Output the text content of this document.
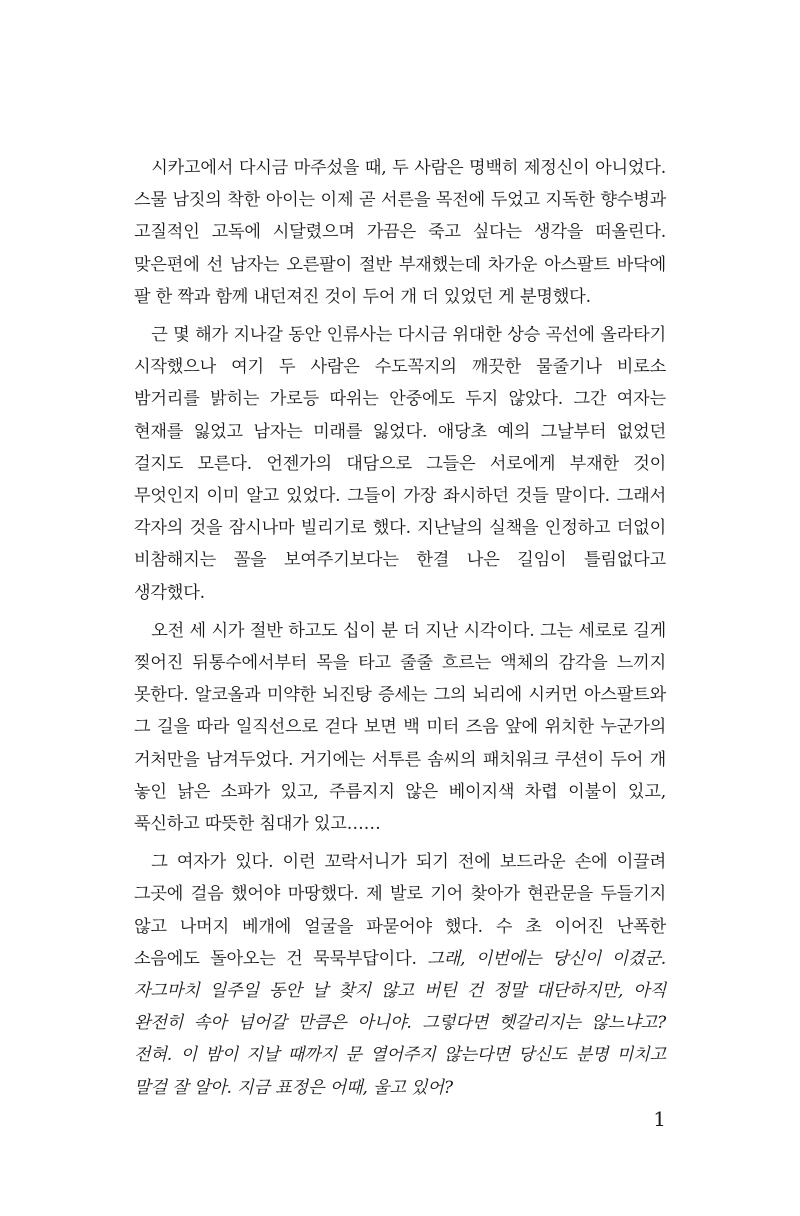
시카고에서 다시금 마주섰을 때, 두 사람은 명백히 제정신이 아니었다. 스물 남짓의 착한 아이는 이제 곧 서른을 목전에 두었고 지독한 향수병과 고질적인 고독에 시달렸으며 가끔은 죽고 싶다는 생각을 떠올린다. 맞은편에 선 남자는 오른팔이 절반 부재했는데 차가운 아스팔트 바닥에 팔 한 짝과 함께 내던져진 것이 두어 개 더 있었던 게 분명했다.

근 몇 해가 지나갈 동안 인류사는 다시금 위대한 상승 곡선에 올라타기 시작했으나 여기 두 사람은 수도꼭지의 깨끗한 물줄기나 비로소 밤거리를 밝히는 가로등 따위는 안중에도 두지 않았다. 그간 여자는 현재를 잃었고 남자는 미래를 잃었다. 애당초 예의 그날부터 없었던 걸지도 모른다. 언젠가의 대담으로 그들은 서로에게 부재한 것이 무엇인지 이미 알고 있었다. 그들이 가장 좌시하던 것들 말이다. 그래서 각자의 것을 잠시나마 빌리기로 했다. 지난날의 실책을 인정하고 더없이 비참해지는 꼴을 보여주기보다는 한결 나은 길임이 틀림없다고 생각했다.

오전 세 시가 절반 하고도 십이 분 더 지난 시각이다. 그는 세로로 길게 찢어진 뒤통수에서부터 목을 타고 줄줄 흐르는 액체의 감각을 느끼지 못한다. 알코올과 미약한 뇌진탕 증세는 그의 뇌리에 시커먼 아스팔트와 그 길을 따라 일직선으로 걷다 보면 백 미터 즈음 앞에 위치한 누군가의 거처만을 남겨두었다. 거기에는 서투른 솜씨의 패치워크 쿠션이 두어 개 놓인 낡은 소파가 있고, 주름지지 않은 베이지색 차렵 이불이 있고, 푹신하고 따뜻한 침대가 있고……

그 여자가 있다. 이런 꼬락서니가 되기 전에 보드라운 손에 이끌려 그곳에 걸음 했어야 마땅했다. 제 발로 기어 찾아가 현관문을 두들기지 않고 나머지 베개에 얼굴을 파묻어야 했다. 수 초 이어진 난폭한 소음에도 돌아오는 건 묵묵부답이다. 그래, 이번에는 당신이 이겼군. 자그마치 일주일 동안 날 찾지 않고 버틴 건 정말 대단하지만, 아직 완전히 속아 넘어갈 만큼은 아니야. 그렇다면 헷갈리지는 않느냐고? 전혀. 이 밤이 지날 때까지 문 열어주지 않는다면 당신도 분명 미치고 말걸 잘 알아. 지금 표정은 어때, 울고 있어?

1
